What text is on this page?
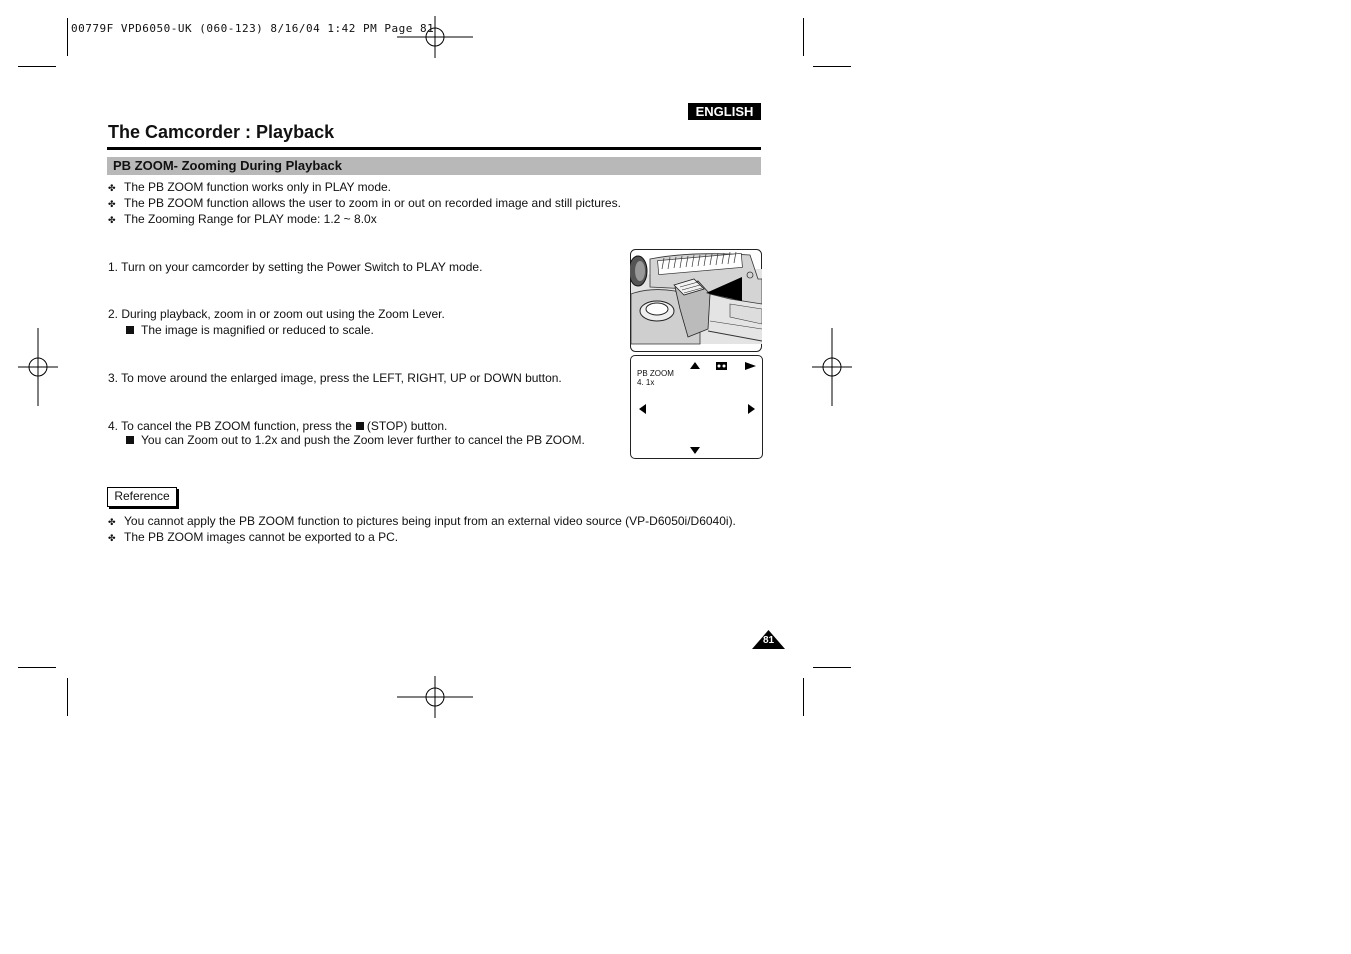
00779F VPD6050-UK (060-123) 8/16/04 1:42 PM Page 81
ENGLISH
The Camcorder : Playback
PB ZOOM- Zooming During Playback
✤ The PB ZOOM function works only in PLAY mode.
✤ The PB ZOOM function allows the user to zoom in or out on recorded image and still pictures.
✤ The Zooming Range for PLAY mode: 1.2 ~ 8.0x
1. Turn on your camcorder by setting the Power Switch to PLAY mode.
2. During playback, zoom in or zoom out using the Zoom Lever.
The image is magnified or reduced to scale.
3. To move around the enlarged image, press the LEFT, RIGHT, UP or DOWN button.
4. To cancel the PB ZOOM function, press the (STOP) button.
You can Zoom out to 1.2x and push the Zoom lever further to cancel the PB ZOOM.
PB ZOOM
4. 1x
Reference
✤ You cannot apply the PB ZOOM function to pictures being input from an external video source (VP-D6050i/D6040i).
✤ The PB ZOOM images cannot be exported to a PC.
81
